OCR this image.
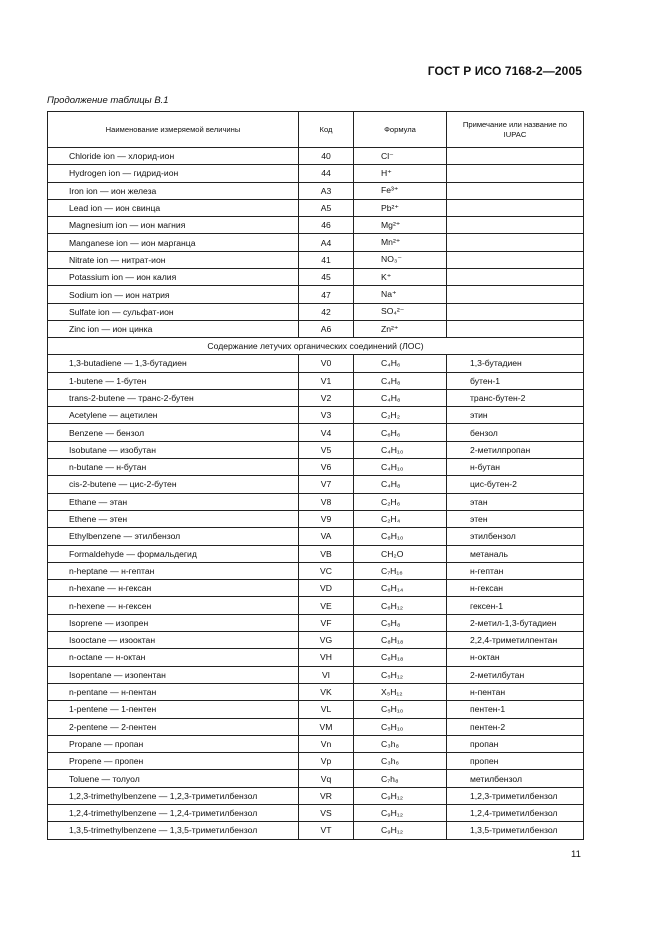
ГОСТ Р ИСО 7168-2—2005
Продолжение таблицы В.1
Наименование измеряемой величины	Код	Формула	Примечание или название по IUPAC
Chloride ion — хлорид-ион	40	Cl⁻	
Hydrogen ion — гидрид-ион	44	H⁺	
Iron ion — ион железа	A3	Fe³⁺	
Lead ion — ион свинца	A5	Pb²⁺	
Magnesium ion — ион магния	46	Mg²⁺	
Manganese ion — ион марганца	A4	Mn²⁺	
Nitrate ion — нитрат-ион	41	NO₃⁻	
Potassium ion — ион калия	45	K⁺	
Sodium ion — ион натрия	47	Na⁺	
Sulfate ion — сульфат-ион	42	SO₄²⁻	
Zinc ion — ион цинка	A6	Zn²⁺	
Содержание летучих органических соединений (ЛОС)			
1,3-butadiene — 1,3-бутадиен	V0	C₄H₆	1,3-бутадиен
1-butene — 1-бутен	V1	C₄H₈	бутен-1
trans-2-butene — транс-2-бутен	V2	C₄H₈	транс-бутен-2
Acetylene — ацетилен	V3	C₂H₂	этин
Benzene — бензол	V4	C₆H₆	бензол
Isobutane — изобутан	V5	C₄H₁₀	2-метилпропан
n-butane — н-бутан	V6	C₄H₁₀	н-бутан
cis-2-butene — цис-2-бутен	V7	C₄H₈	цис-бутен-2
Ethane — этан	V8	C₂H₆	этан
Ethene — этен	V9	C₂H₄	этен
Ethylbenzene — этилбензол	VA	C₈H₁₀	этилбензол
Formaldehyde — формальдегид	VB	CH₂O	метаналь
n-heptane — н-гептан	VC	C₇H₁₆	н-гептан
n-hexane — н-гексан	VD	C₆H₁₄	н-гексан
n-hexene — н-гексен	VE	C₆H₁₂	гексен-1
Isoprene — изопрен	VF	C₅H₈	2-метил-1,3-бутадиен
Isooctane — изооктан	VG	C₈H₁₈	2,2,4-триметилпентан
n-octane — н-октан	VH	C₈H₁₈	н-октан
Isopentane — изопентан	VI	C₅H₁₂	2-метилбутан
n-pentane — н-пентан	VK	X₅H₁₂	н-пентан
1-pentene — 1-пентен	VL	C₅H₁₀	пентен-1
2-pentene — 2-пентен	VM	C₅H₁₀	пентен-2
Propane — пропан	Vn	C₃h₈	пропан
Propene — пропен	Vp	C₃h₆	пропен
Toluene — толуол	Vq	C₇h₈	метилбензол
1,2,3-trimethylbenzene — 1,2,3-триметилбензол	VR	C₉H₁₂	1,2,3-триметилбензол
1,2,4-trimethylbenzene — 1,2,4-триметилбензол	VS	C₉H₁₂	1,2,4-триметилбензол
1,3,5-trimethylbenzene — 1,3,5-триметилбензол	VT	C₉H₁₂	1,3,5-триметилбензол
11
